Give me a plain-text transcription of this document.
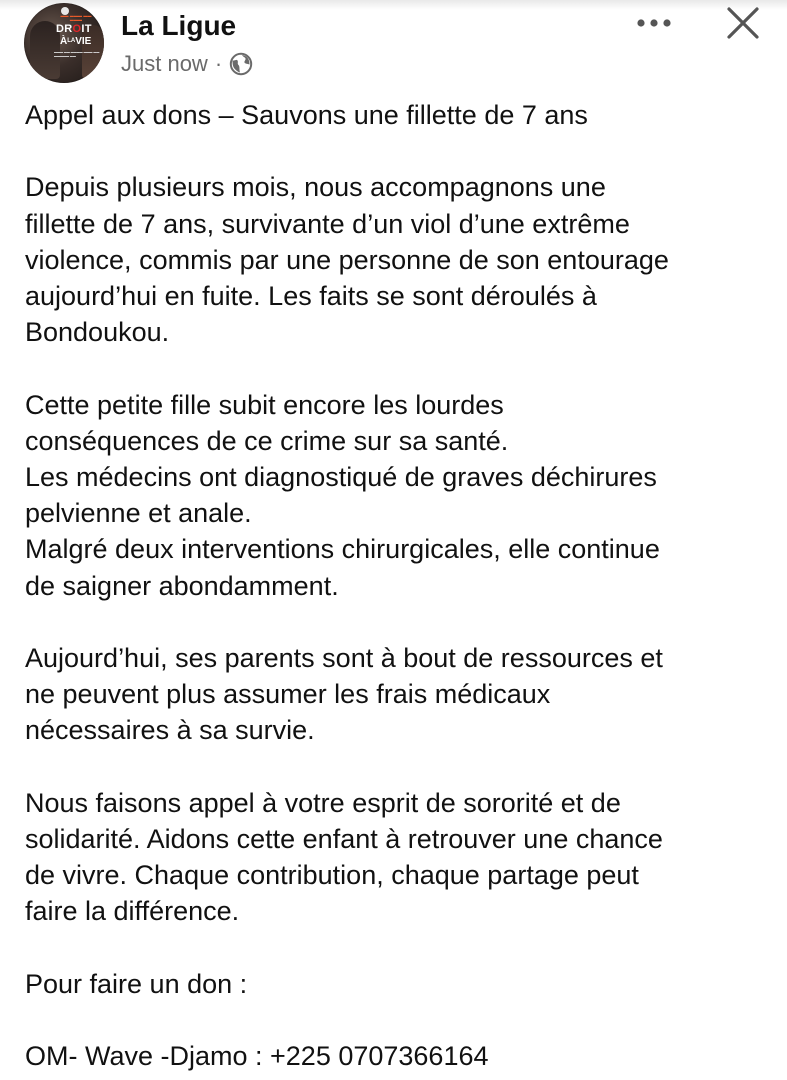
▬▬ ▬▬▬ ▬▬ ▬▬▬
DROIT
$À^{LA}VIE$
▬▬▬ ▬▬ ▬▬▬▬ ▬▬▬ ▬▬ ▬▬▬▬▬ ▬▬
La Ligue
Just now ·

Appel aux dons – Sauvons une fillette de 7 ans

Depuis plusieurs mois, nous accompagnons une
fillette de 7 ans, survivante d’un viol d’une extrême
violence, commis par une personne de son entourage
aujourd’hui en fuite. Les faits se sont déroulés à
Bondoukou.

Cette petite fille subit encore les lourdes
conséquences de ce crime sur sa santé.
Les médecins ont diagnostiqué de graves déchirures
pelvienne et anale.
Malgré deux interventions chirurgicales, elle continue
de saigner abondamment.

Aujourd’hui, ses parents sont à bout de ressources et
ne peuvent plus assumer les frais médicaux
nécessaires à sa survie.

Nous faisons appel à votre esprit de sororité et de
solidarité. Aidons cette enfant à retrouver une chance
de vivre. Chaque contribution, chaque partage peut
faire la différence.

Pour faire un don :

OM- Wave -Djamo : +225 0707366164
